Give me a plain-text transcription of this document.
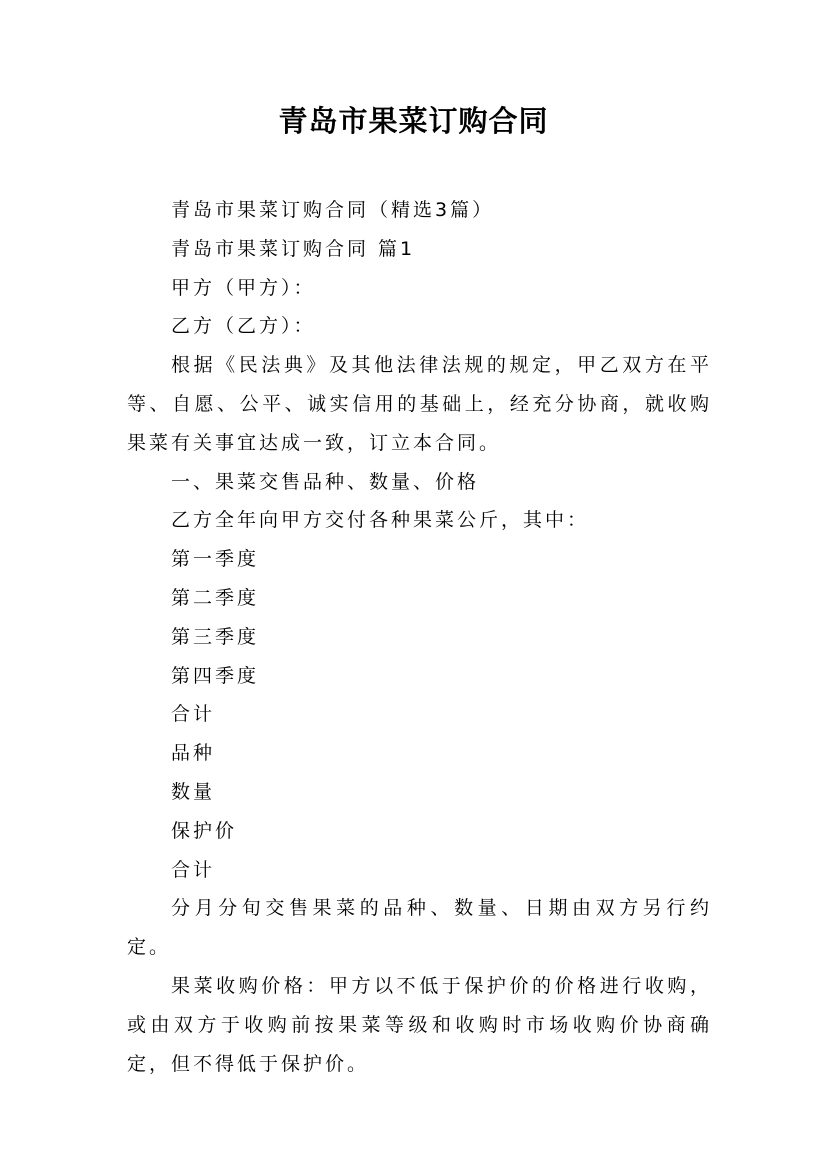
青岛市果菜订购合同

青岛市果菜订购合同（精选3篇）

青岛市果菜订购合同 篇1

甲方（甲方）：

乙方（乙方）：

根据《民法典》及其他法律法规的规定，甲乙双方在平等、自愿、公平、诚实信用的基础上，经充分协商，就收购果菜有关事宜达成一致，订立本合同。

一、果菜交售品种、数量、价格

乙方全年向甲方交付各种果菜公斤，其中：

第一季度

第二季度

第三季度

第四季度

合计

品种

数量

保护价

合计

分月分旬交售果菜的品种、数量、日期由双方另行约定。

果菜收购价格：甲方以不低于保护价的价格进行收购，或由双方于收购前按果菜等级和收购时市场收购价协商确定，但不得低于保护价。
